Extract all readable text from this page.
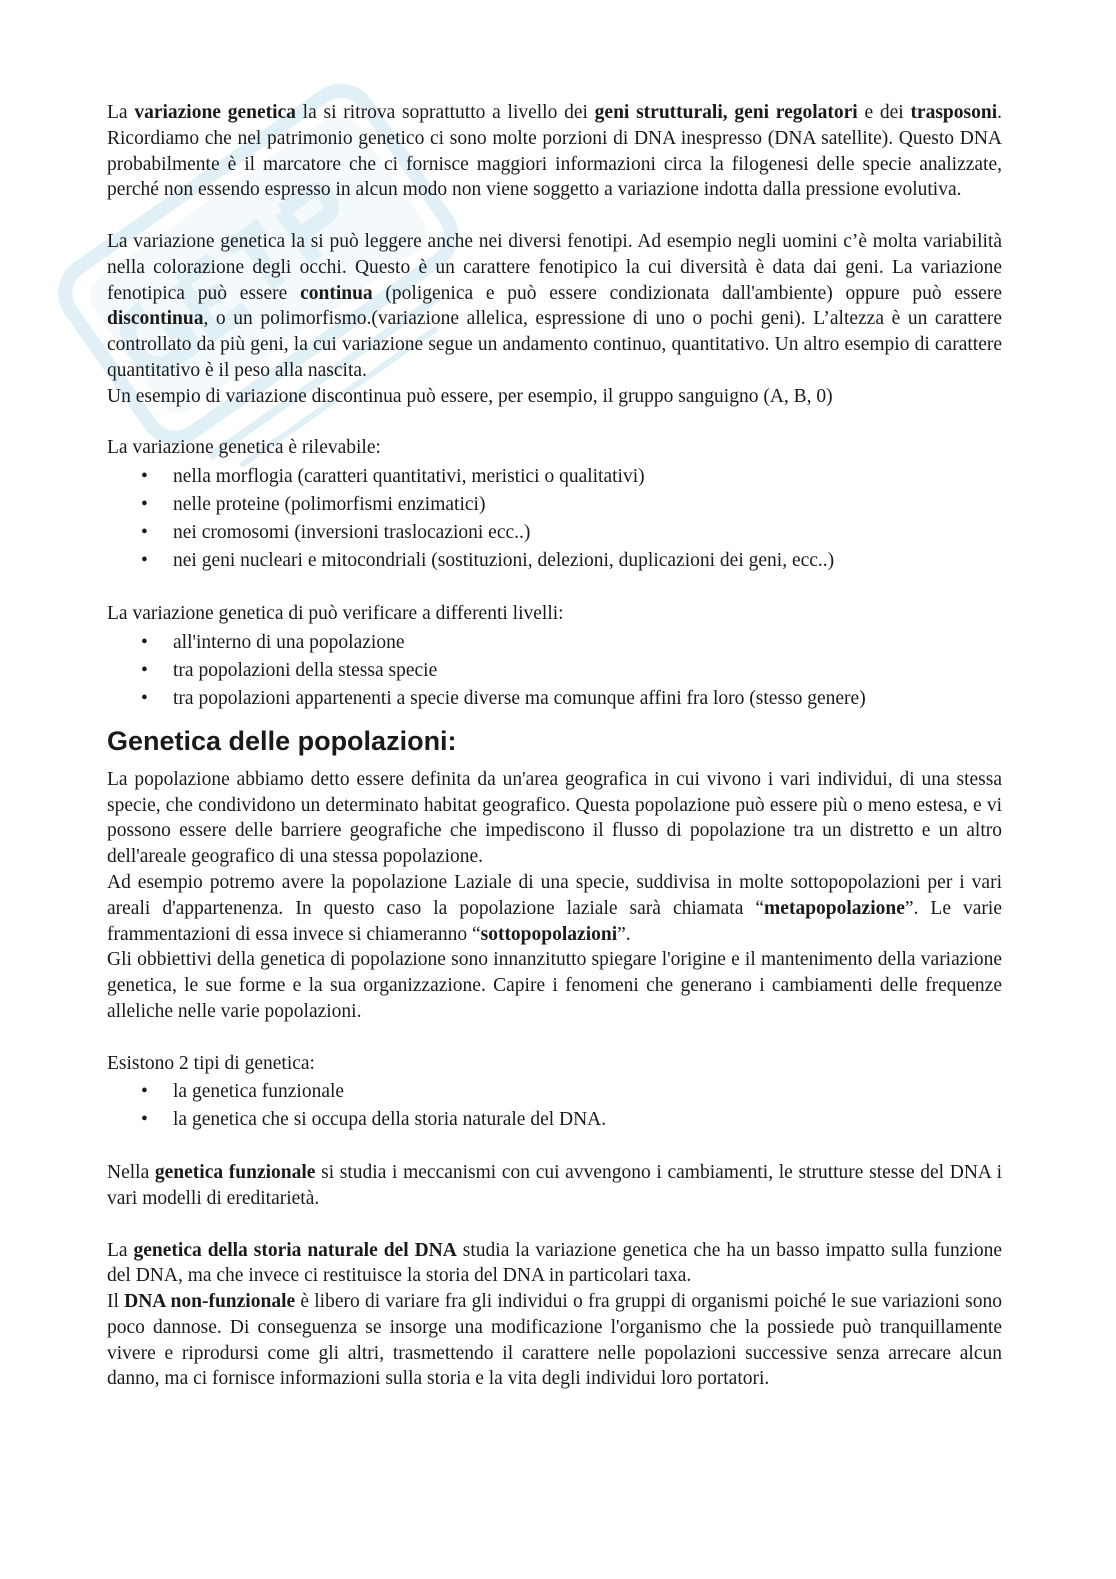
La variazione genetica la si ritrova soprattutto a livello dei geni strutturali, geni regolatori e dei trasposoni. Ricordiamo che nel patrimonio genetico ci sono molte porzioni di DNA inespresso (DNA satellite). Questo DNA probabilmente è il marcatore che ci fornisce maggiori informazioni circa la filogenesi delle specie analizzate, perché non essendo espresso in alcun modo non viene soggetto a variazione indotta dalla pressione evolutiva.

La variazione genetica la si può leggere anche nei diversi fenotipi. Ad esempio negli uomini c’è molta variabilità nella colorazione degli occhi. Questo è un carattere fenotipico la cui diversità è data dai geni. La variazione fenotipica può essere continua (poligenica e può essere condizionata dall'ambiente) oppure può essere discontinua, o un polimorfismo.(variazione allelica, espressione di uno o pochi geni). L’altezza è un carattere controllato da più geni, la cui variazione segue un andamento continuo, quantitativo. Un altro esempio di carattere quantitativo è il peso alla nascita.

Un esempio di variazione discontinua può essere, per esempio, il gruppo sanguigno (A, B, 0)

La variazione genetica è rilevabile:

• nella morflogia (caratteri quantitativi, meristici o qualitativi)
• nelle proteine (polimorfismi enzimatici)
• nei cromosomi (inversioni traslocazioni ecc..)
• nei geni nucleari e mitocondriali (sostituzioni, delezioni, duplicazioni dei geni, ecc..)

La variazione genetica di può verificare a differenti livelli:

• all'interno di una popolazione
• tra popolazioni della stessa specie
• tra popolazioni appartenenti a specie diverse ma comunque affini fra loro (stesso genere)
Genetica delle popolazioni:

La popolazione abbiamo detto essere definita da un'area geografica in cui vivono i vari individui, di una stessa specie, che condividono un determinato habitat geografico. Questa popolazione può essere più o meno estesa, e vi possono essere delle barriere geografiche che impediscono il flusso di popolazione tra un distretto e un altro dell'areale geografico di una stessa popolazione.

Ad esempio potremo avere la popolazione Laziale di una specie, suddivisa in molte sottopopolazioni per i vari areali d'appartenenza. In questo caso la popolazione laziale sarà chiamata “metapopolazione”. Le varie frammentazioni di essa invece si chiameranno “sottopopolazioni”.

Gli obbiettivi della genetica di popolazione sono innanzitutto spiegare l'origine e il mantenimento della variazione genetica, le sue forme e la sua organizzazione. Capire i fenomeni che generano i cambiamenti delle frequenze alleliche nelle varie popolazioni.

Esistono 2 tipi di genetica:

• la genetica funzionale
• la genetica che si occupa della storia naturale del DNA.

Nella genetica funzionale si studia i meccanismi con cui avvengono i cambiamenti, le strutture stesse del DNA i vari modelli di ereditarietà.

La genetica della storia naturale del DNA studia la variazione genetica che ha un basso impatto sulla funzione del DNA, ma che invece ci restituisce la storia del DNA in particolari taxa.

Il DNA non-funzionale è libero di variare fra gli individui o fra gruppi di organismi poiché le sue variazioni sono poco dannose. Di conseguenza se insorge una modificazione l'organismo che la possiede può tranquillamente vivere e riprodursi come gli altri, trasmettendo il carattere nelle popolazioni successive senza arrecare alcun danno, ma ci fornisce informazioni sulla storia e la vita degli individui loro portatori.
